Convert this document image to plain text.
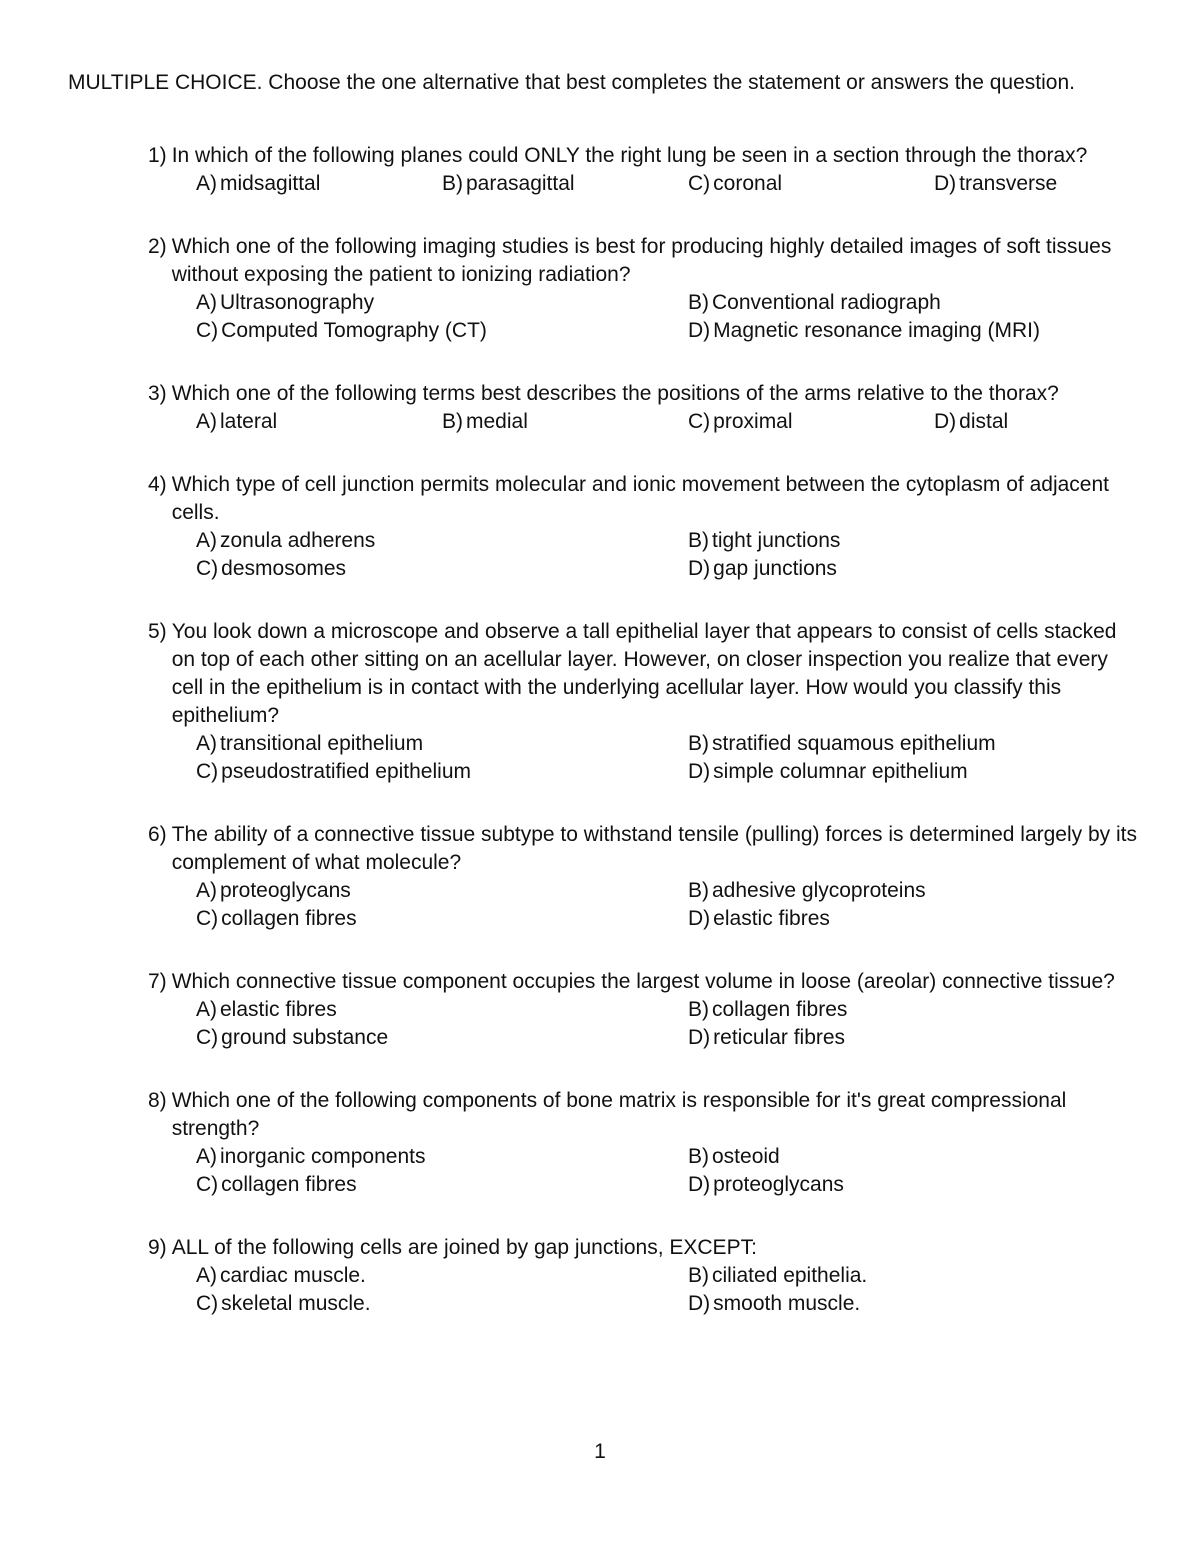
MULTIPLE CHOICE. Choose the one alternative that best completes the statement or answers the question.

1) In which of the following planes could ONLY the right lung be seen in a section through the thorax?
A) midsagittal	B) parasagittal	C) coronal	D) transverse
2) Which one of the following imaging studies is best for producing highly detailed images of soft tissues without exposing the patient to ionizing radiation?
A) Ultrasonography	B) Conventional radiograph
C) Computed Tomography (CT)	D) Magnetic resonance imaging (MRI)
3) Which one of the following terms best describes the positions of the arms relative to the thorax?
A) lateral	B) medial	C) proximal	D) distal
4) Which type of cell junction permits molecular and ionic movement between the cytoplasm of adjacent cells.
A) zonula adherens	B) tight junctions
C) desmosomes	D) gap junctions
5) You look down a microscope and observe a tall epithelial layer that appears to consist of cells stacked on top of each other sitting on an acellular layer. However, on closer inspection you realize that every cell in the epithelium is in contact with the underlying acellular layer. How would you classify this epithelium?
A) transitional epithelium	B) stratified squamous epithelium
C) pseudostratified epithelium	D) simple columnar epithelium
6) The ability of a connective tissue subtype to withstand tensile (pulling) forces is determined largely by its complement of what molecule?
A) proteoglycans	B) adhesive glycoproteins
C) collagen fibres	D) elastic fibres
7) Which connective tissue component occupies the largest volume in loose (areolar) connective tissue?
A) elastic fibres	B) collagen fibres
C) ground substance	D) reticular fibres
8) Which one of the following components of bone matrix is responsible for it's great compressional strength?
A) inorganic components	B) osteoid
C) collagen fibres	D) proteoglycans
9) ALL of the following cells are joined by gap junctions, EXCEPT:
A) cardiac muscle.	B) ciliated epithelia.
C) skeletal muscle.	D) smooth muscle.
1
